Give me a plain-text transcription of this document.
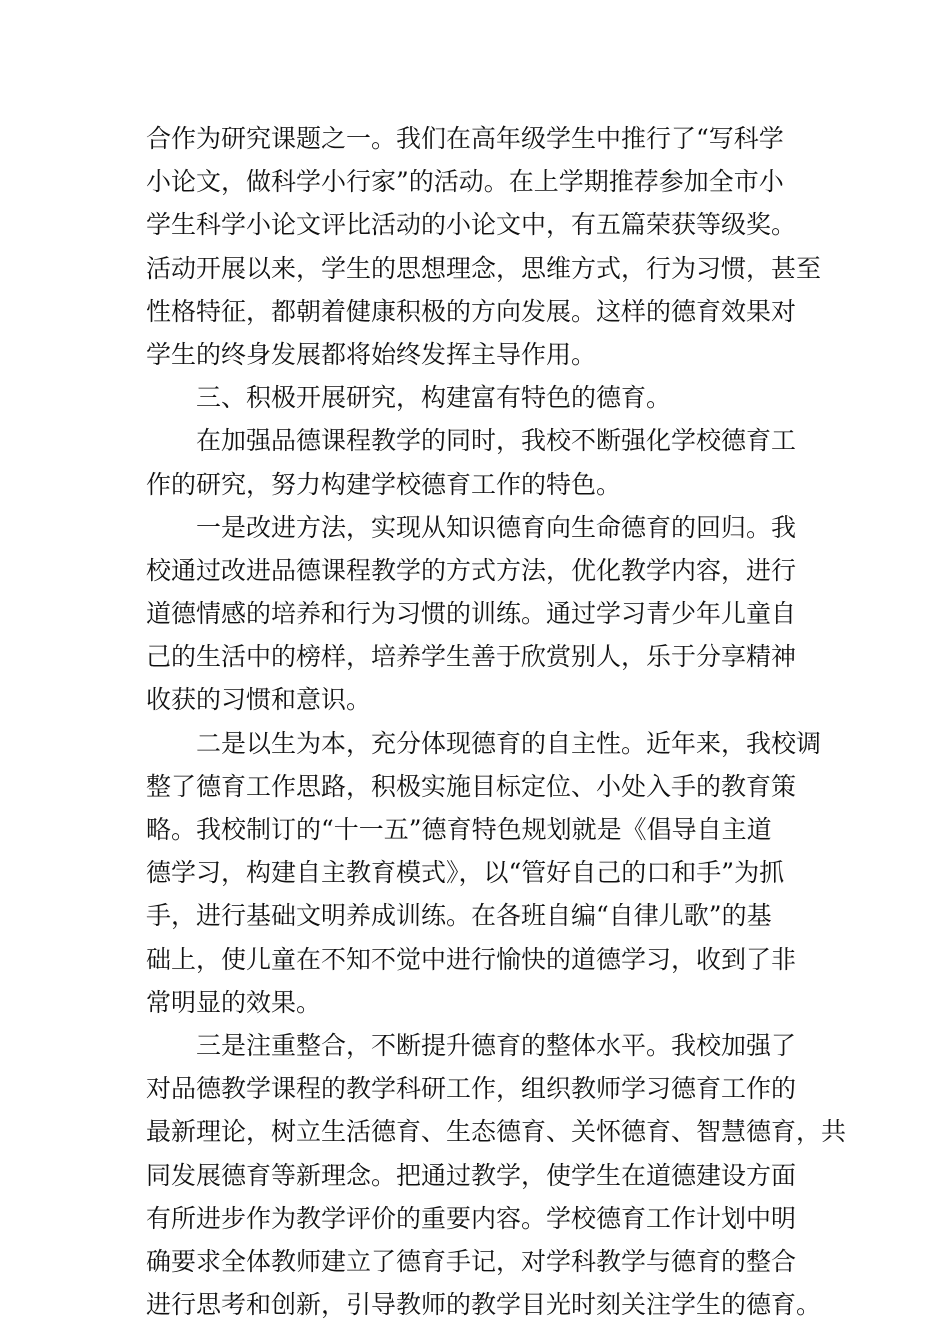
合作为研究课题之一。我们在高年级学生中推行了“写科学
小论文，做科学小行家”的活动。在上学期推荐参加全市小
学生科学小论文评比活动的小论文中，有五篇荣获等级奖。
活动开展以来，学生的思想理念，思维方式，行为习惯，甚至
性格特征，都朝着健康积极的方向发展。这样的德育效果对
学生的终身发展都将始终发挥主导作用。
　　三、积极开展研究，构建富有特色的德育。
　　在加强品德课程教学的同时，我校不断强化学校德育工
作的研究，努力构建学校德育工作的特色。
　　一是改进方法，实现从知识德育向生命德育的回归。我
校通过改进品德课程教学的方式方法，优化教学内容，进行
道德情感的培养和行为习惯的训练。通过学习青少年儿童自
己的生活中的榜样，培养学生善于欣赏别人，乐于分享精神
收获的习惯和意识。
　　二是以生为本，充分体现德育的自主性。近年来，我校调
整了德育工作思路，积极实施目标定位、小处入手的教育策
略。我校制订的“十一五”德育特色规划就是《倡导自主道
德学习，构建自主教育模式》，以“管好自己的口和手”为抓
手，进行基础文明养成训练。在各班自编“自律儿歌”的基
础上，使儿童在不知不觉中进行愉快的道德学习，收到了非
常明显的效果。
　　三是注重整合，不断提升德育的整体水平。我校加强了
对品德教学课程的教学科研工作，组织教师学习德育工作的
最新理论，树立生活德育、生态德育、关怀德育、智慧德育，共
同发展德育等新理念。把通过教学，使学生在道德建设方面
有所进步作为教学评价的重要内容。学校德育工作计划中明
确要求全体教师建立了德育手记，对学科教学与德育的整合
进行思考和创新，引导教师的教学目光时刻关注学生的德育。
